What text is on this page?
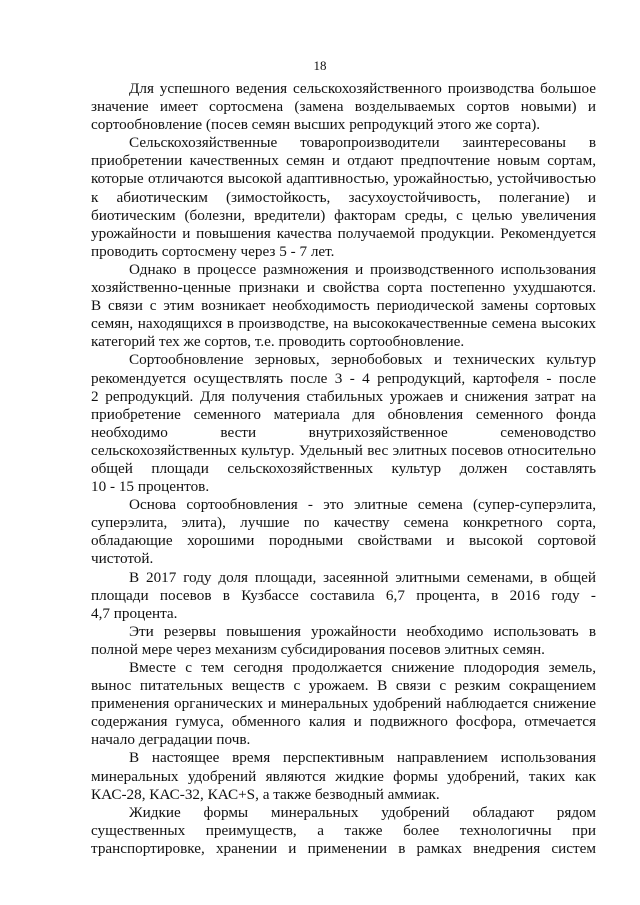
18

Для успешного ведения сельскохозяйственного производства большое
значение имеет сортосмена (замена возделываемых сортов новыми) и
сортообновление (посев семян высших репродукций этого же сорта).

Сельскохозяйственные товаропроизводители заинтересованы в
приобретении качественных семян и отдают предпочтение новым сортам,
которые отличаются высокой адаптивностью, урожайностью, устойчивостью
к абиотическим (зимостойкость, засухоустойчивость, полегание) и
биотическим (болезни, вредители) факторам среды, с целью увеличения
урожайности и повышения качества получаемой продукции. Рекомендуется
проводить сортосмену через 5 - 7 лет.

Однако в процессе размножения и производственного использования
хозяйственно-ценные признаки и свойства сорта постепенно ухудшаются.
В связи с этим возникает необходимость периодической замены сортовых
семян, находящихся в производстве, на высококачественные семена высоких
категорий тех же сортов, т.е. проводить сортообновление.

Сортообновление зерновых, зернобобовых и технических культур
рекомендуется осуществлять после 3 - 4 репродукций, картофеля - после
2 репродукций. Для получения стабильных урожаев и снижения затрат на
приобретение семенного материала для обновления семенного фонда
необходимо вести внутрихозяйственное семеноводство
сельскохозяйственных культур. Удельный вес элитных посевов относительно
общей площади сельскохозяйственных культур должен составлять
10 - 15 процентов.

Основа сортообновления - это элитные семена (супер-суперэлита,
суперэлита, элита), лучшие по качеству семена конкретного сорта,
обладающие хорошими породными свойствами и высокой сортовой
чистотой.

В 2017 году доля площади, засеянной элитными семенами, в общей
площади посевов в Кузбассе составила 6,7 процента, в 2016 году -
4,7 процента.

Эти резервы повышения урожайности необходимо использовать в
полной мере через механизм субсидирования посевов элитных семян.

Вместе с тем сегодня продолжается снижение плодородия земель,
вынос питательных веществ с урожаем. В связи с резким сокращением
применения органических и минеральных удобрений наблюдается снижение
содержания гумуса, обменного калия и подвижного фосфора, отмечается
начало деградации почв.

В настоящее время перспективным направлением использования
минеральных удобрений являются жидкие формы удобрений, таких как
КАС-28, КАС-32, КАС+S, а также безводный аммиак.

Жидкие формы минеральных удобрений обладают рядом
существенных преимуществ, а также более технологичны при
транспортировке, хранении и применении в рамках внедрения систем
